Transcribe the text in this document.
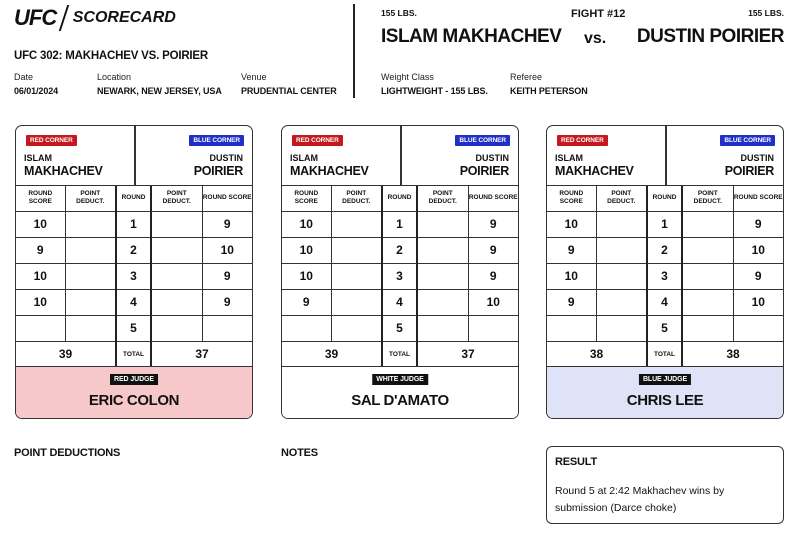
UFC SCORECARD
UFC 302: MAKHACHEV VS. POIRIER
Date
06/01/2024
Location
NEWARK, NEW JERSEY, USA
Venue
PRUDENTIAL CENTER
155 LBS.	FIGHT #12	155 LBS.
ISLAM MAKHACHEV vs. DUSTIN POIRIER
Weight Class
LIGHTWEIGHT - 155 LBS.
Referee
KEITH PETERSON
RED CORNER	BLUE CORNER
ISLAM
MAKHACHEV
DUSTIN
POIRIER
ROUND SCORE	POINT DEDUCT.	ROUND	POINT DEDUCT.	ROUND SCORE
10		1		9
9		2		10
10		3		9
10		4		9
		5		
39		TOTAL	37	
RED JUDGE
ERIC COLON
RED CORNER	BLUE CORNER
ISLAM
MAKHACHEV
DUSTIN
POIRIER
ROUND SCORE	POINT DEDUCT.	ROUND	POINT DEDUCT.	ROUND SCORE
10		1		9
10		2		9
10		3		9
9		4		10
		5		
39		TOTAL	37	
WHITE JUDGE
SAL D'AMATO
RED CORNER	BLUE CORNER
ISLAM
MAKHACHEV
DUSTIN
POIRIER
ROUND SCORE	POINT DEDUCT.	ROUND	POINT DEDUCT.	ROUND SCORE
10		1		9
9		2		10
10		3		9
9		4		10
		5		
38		TOTAL	38	
BLUE JUDGE
CHRIS LEE
POINT DEDUCTIONS	NOTES
RESULT
Round 5 at 2:42 Makhachev wins by submission (Darce choke)
